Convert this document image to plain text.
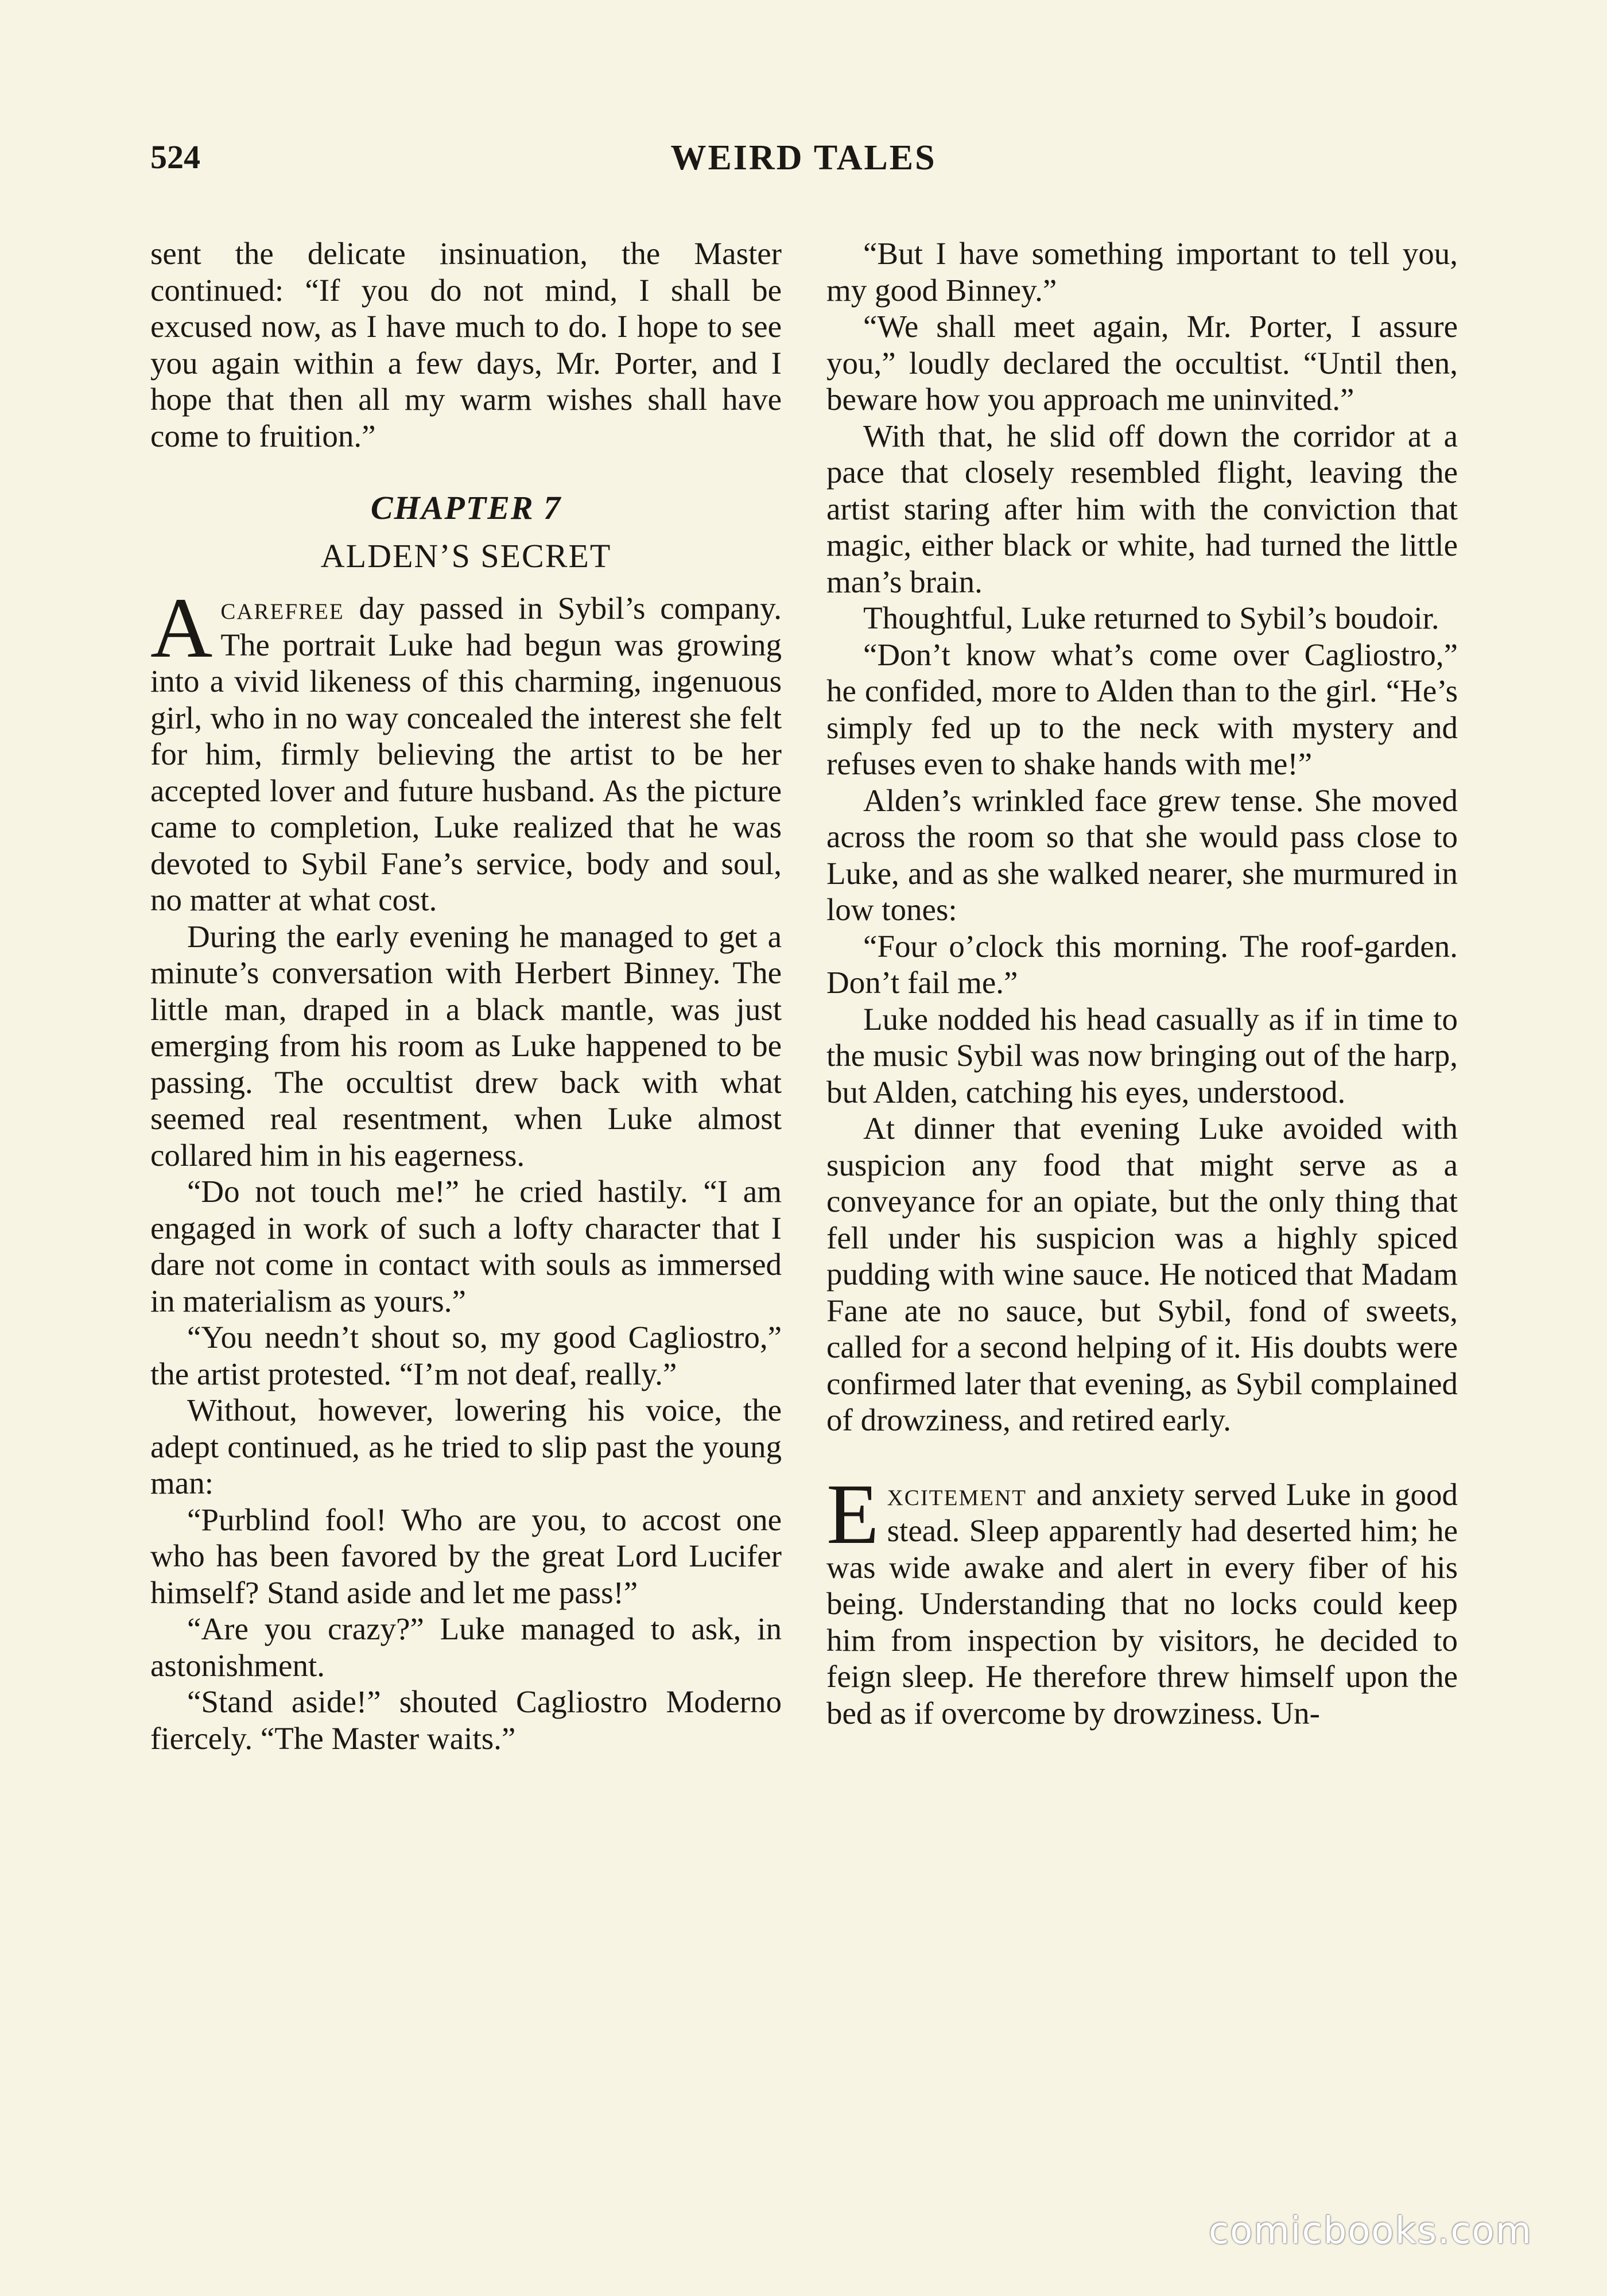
524	WEIRD TALES

sent the delicate insinuation, the Master continued: “If you do not mind, I shall be excused now, as I have much to do. I hope to see you again within a few days, Mr. Porter, and I hope that then all my warm wishes shall have come to fruition.”

CHAPTER 7
ALDEN’S SECRET

Acarefree day passed in Sybil’s company. The portrait Luke had begun was growing into a vivid likeness of this charming, ingenuous girl, who in no way concealed the interest she felt for him, firmly believing the artist to be her accepted lover and future husband. As the picture came to completion, Luke realized that he was devoted to Sybil Fane’s service, body and soul, no matter at what cost.

During the early evening he managed to get a minute’s conversation with Herbert Binney. The little man, draped in a black mantle, was just emerging from his room as Luke happened to be passing. The occultist drew back with what seemed real resentment, when Luke almost collared him in his eagerness.

“Do not touch me!” he cried hastily. “I am engaged in work of such a lofty character that I dare not come in contact with souls as immersed in materialism as yours.”

“You needn’t shout so, my good Cagliostro,” the artist protested. “I’m not deaf, really.”

Without, however, lowering his voice, the adept continued, as he tried to slip past the young man:

“Purblind fool! Who are you, to accost one who has been favored by the great Lord Lucifer himself? Stand aside and let me pass!”

“Are you crazy?” Luke managed to ask, in astonishment.

“Stand aside!” shouted Cagliostro Moderno fiercely. “The Master waits.”

“But I have something important to tell you, my good Binney.”

“We shall meet again, Mr. Porter, I assure you,” loudly declared the occultist. “Until then, beware how you approach me uninvited.”

With that, he slid off down the corridor at a pace that closely resembled flight, leaving the artist staring after him with the conviction that magic, either black or white, had turned the little man’s brain.

Thoughtful, Luke returned to Sybil’s boudoir.

“Don’t know what’s come over Cagliostro,” he confided, more to Alden than to the girl. “He’s simply fed up to the neck with mystery and refuses even to shake hands with me!”

Alden’s wrinkled face grew tense. She moved across the room so that she would pass close to Luke, and as she walked nearer, she murmured in low tones:

“Four o’clock this morning. The roof-garden. Don’t fail me.”

Luke nodded his head casually as if in time to the music Sybil was now bringing out of the harp, but Alden, catching his eyes, understood.

At dinner that evening Luke avoided with suspicion any food that might serve as a conveyance for an opiate, but the only thing that fell under his suspicion was a highly spiced pudding with wine sauce. He noticed that Madam Fane ate no sauce, but Sybil, fond of sweets, called for a second helping of it. His doubts were confirmed later that evening, as Sybil complained of drowziness, and retired early.

Excitement and anxiety served Luke in good stead. Sleep apparently had deserted him; he was wide awake and alert in every fiber of his being. Understanding that no locks could keep him from inspection by visitors, he decided to feign sleep. He therefore threw himself upon the bed as if overcome by drowziness. Un-

comicbooks.com
